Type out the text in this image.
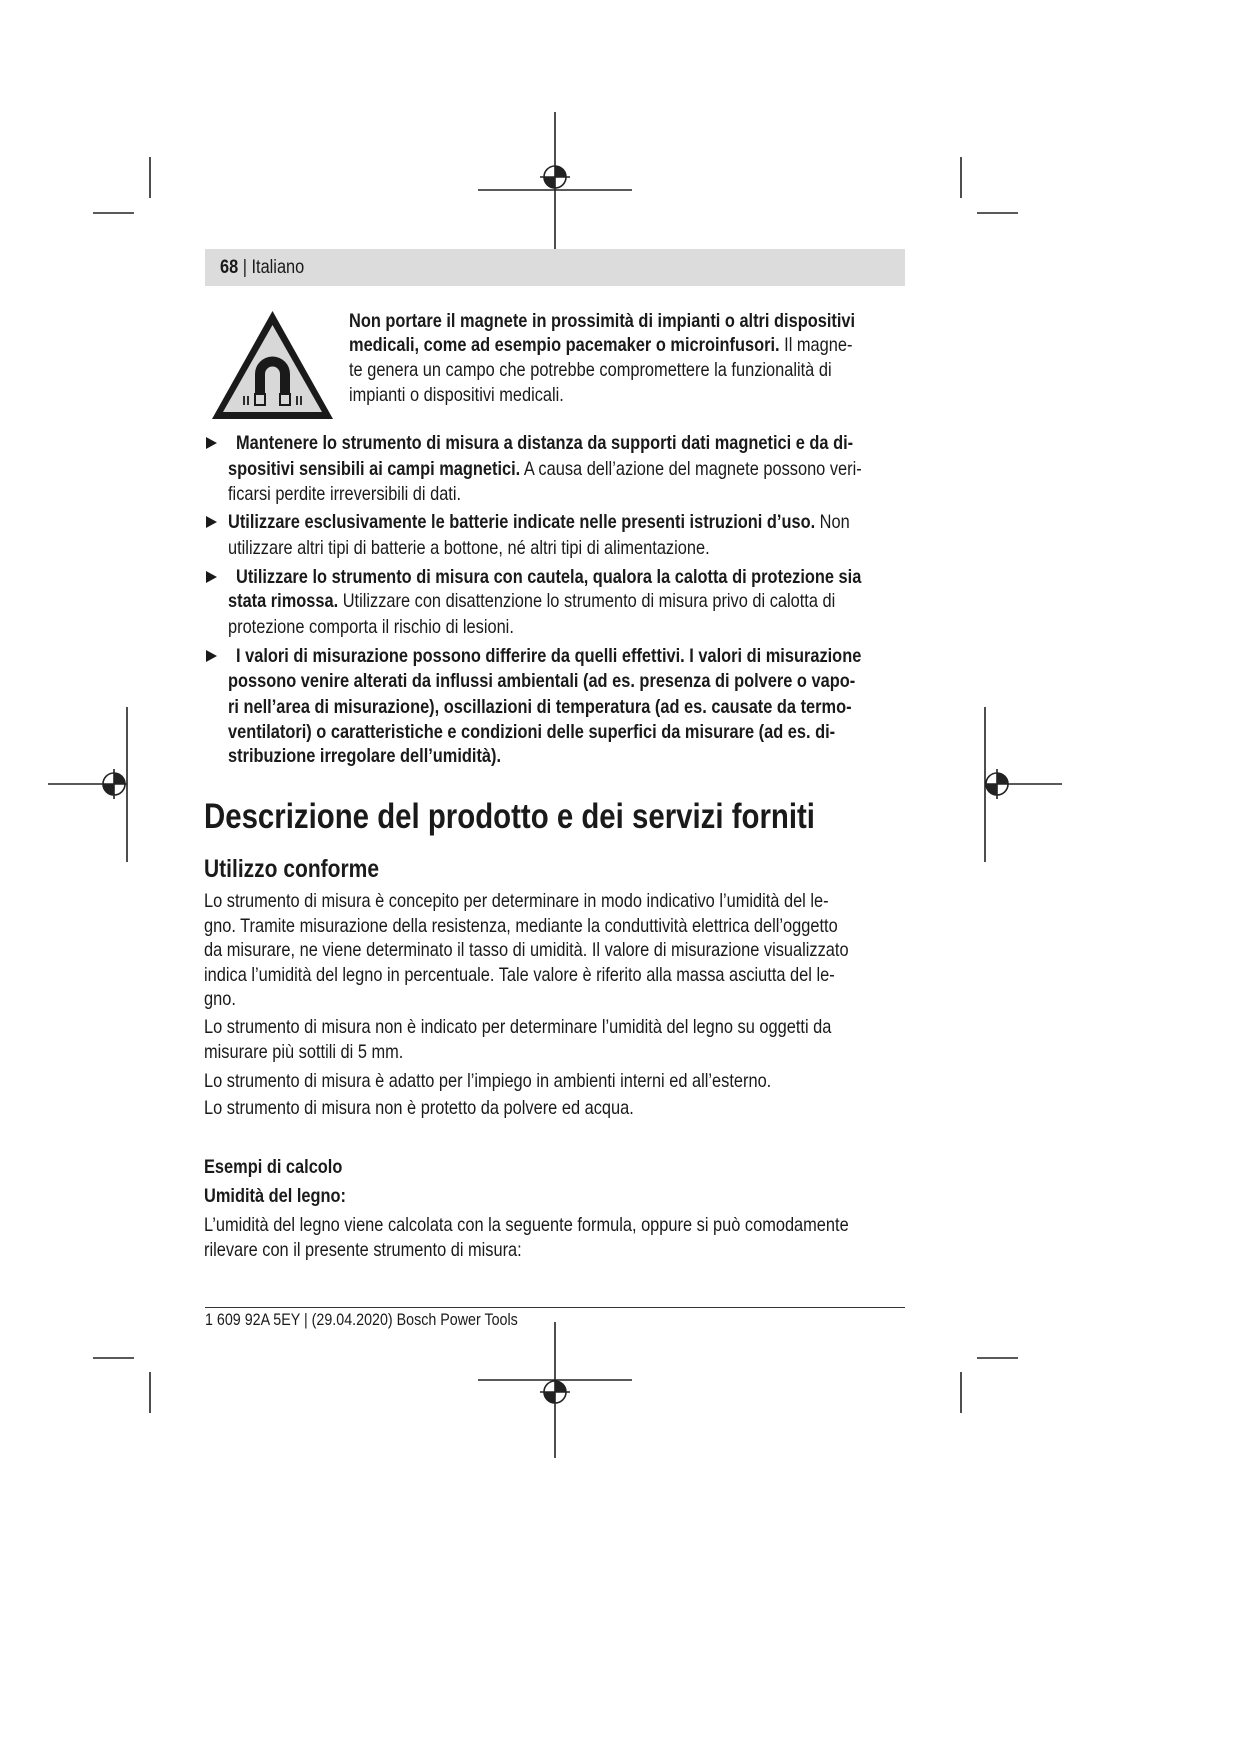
68 | Italiano
Non portare il magnete in prossimità di impianti o altri dispositivi
medicali, come ad esempio pacemaker o microinfusori. Il magne-
te genera un campo che potrebbe compromettere la funzionalità di
impianti o dispositivi medicali.
Mantenere lo strumento di misura a distanza da supporti dati magnetici e da di-
spositivi sensibili ai campi magnetici. A causa dell’azione del magnete possono veri-
ficarsi perdite irreversibili di dati.
Utilizzare esclusivamente le batterie indicate nelle presenti istruzioni d’uso. Non
utilizzare altri tipi di batterie a bottone, né altri tipi di alimentazione.
Utilizzare lo strumento di misura con cautela, qualora la calotta di protezione sia
stata rimossa. Utilizzare con disattenzione lo strumento di misura privo di calotta di
protezione comporta il rischio di lesioni.
I valori di misurazione possono differire da quelli effettivi. I valori di misurazione
possono venire alterati da influssi ambientali (ad es. presenza di polvere o vapo-
ri nell’area di misurazione), oscillazioni di temperatura (ad es. causate da termo-
ventilatori) o caratteristiche e condizioni delle superfici da misurare (ad es. di-
stribuzione irregolare dell’umidità).
Descrizione del prodotto e dei servizi forniti
Utilizzo conforme
Lo strumento di misura è concepito per determinare in modo indicativo l’umidità del le-
gno. Tramite misurazione della resistenza, mediante la conduttività elettrica dell’oggetto
da misurare, ne viene determinato il tasso di umidità. Il valore di misurazione visualizzato
indica l’umidità del legno in percentuale. Tale valore è riferito alla massa asciutta del le-
gno.
Lo strumento di misura non è indicato per determinare l’umidità del legno su oggetti da
misurare più sottili di 5 mm.
Lo strumento di misura è adatto per l’impiego in ambienti interni ed all’esterno.
Lo strumento di misura non è protetto da polvere ed acqua.
Esempi di calcolo
Umidità del legno:
L’umidità del legno viene calcolata con la seguente formula, oppure si può comodamente
rilevare con il presente strumento di misura:
1 609 92A 5EY | (29.04.2020) Bosch Power Tools
